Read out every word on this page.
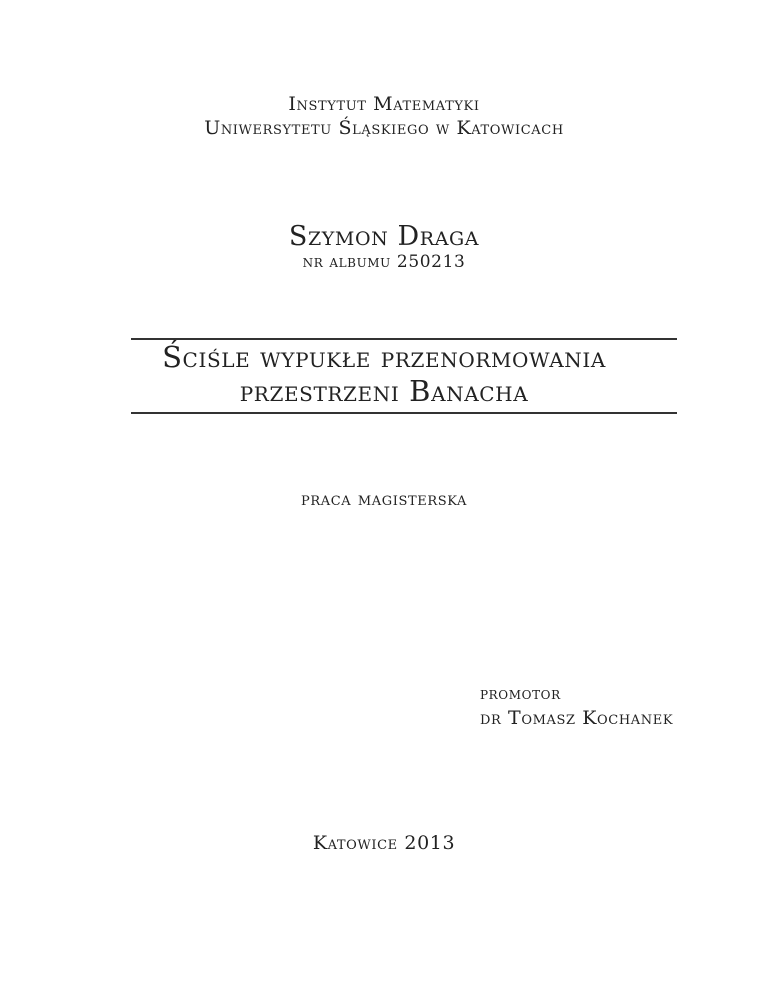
Instytut Matematyki
Uniwersytetu Śląskiego w Katowicach
Szymon Draga
nr albumu 250213
Ściśle wypukłe przenormowania
przestrzeni Banacha
praca magisterska
promotor
dr Tomasz Kochanek
Katowice 2013
